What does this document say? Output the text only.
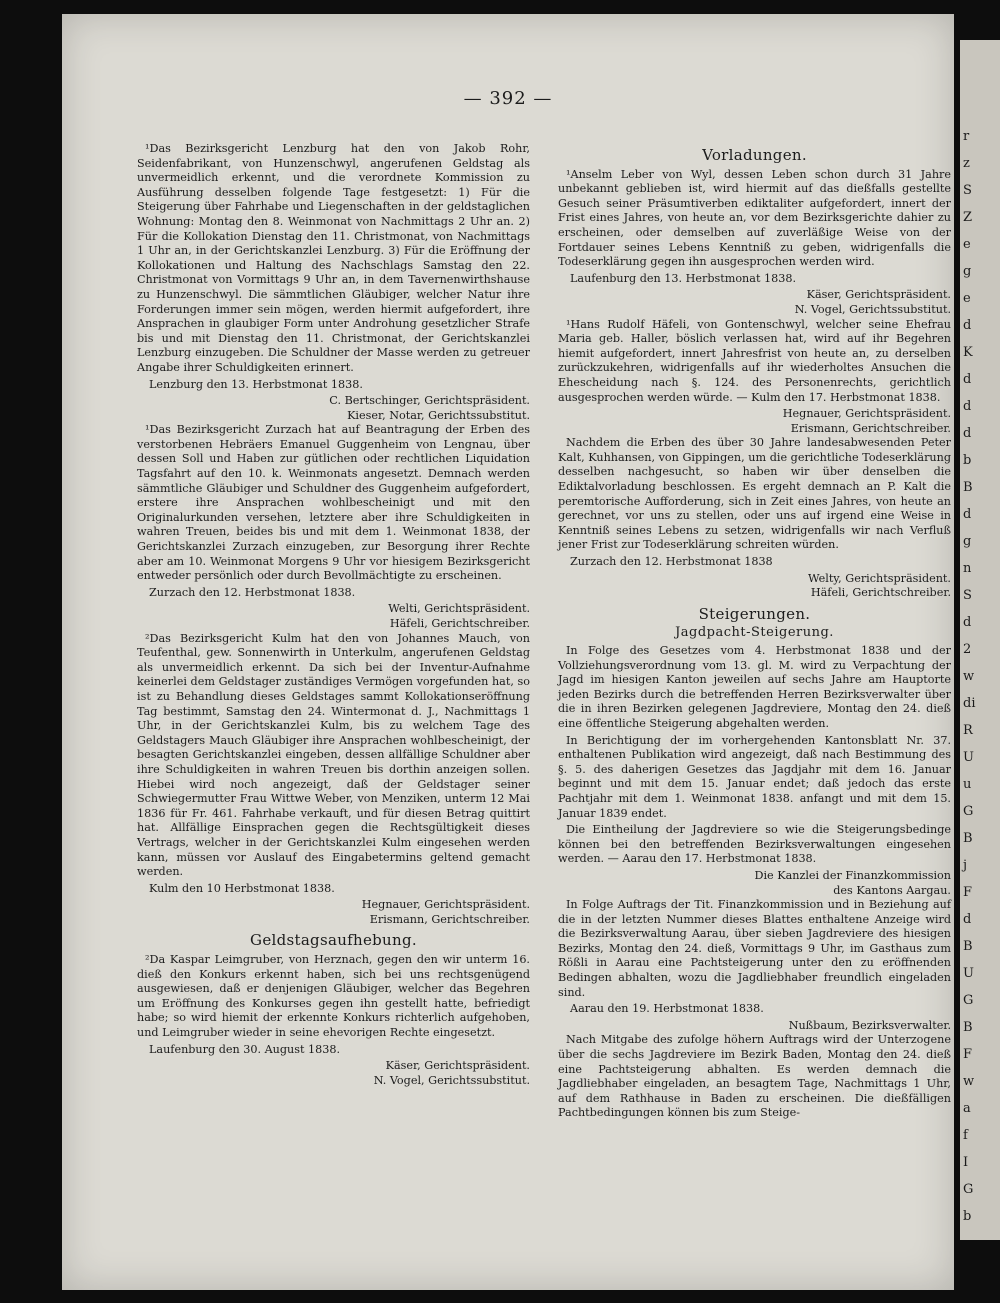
— 392 —

¹Das Bezirksgericht Lenzburg hat den von Jakob Rohr, Seidenfabrikant, von Hunzenschwyl, angerufenen Geldstag als unvermeidlich erkennt, und die verordnete Kommission zu Ausführung desselben folgende Tage festgesetzt: 1) Für die Steigerung über Fahrhabe und Liegenschaften in der geldstaglichen Wohnung: Montag den 8. Weinmonat von Nachmittags 2 Uhr an. 2) Für die Kollokation Dienstag den 11. Christmonat, von Nachmittags 1 Uhr an, in der Gerichtskanzlei Lenzburg. 3) Für die Eröffnung der Kollokationen und Haltung des Nachschlags Samstag den 22. Christmonat von Vormittags 9 Uhr an, in dem Tavernenwirthshause zu Hunzenschwyl. Die sämmtlichen Gläubiger, welcher Natur ihre Forderungen immer sein mögen, werden hiermit aufgefordert, ihre Ansprachen in glaubiger Form unter Androhung gesetzlicher Strafe bis und mit Dienstag den 11. Christmonat, der Gerichtskanzlei Lenzburg einzugeben. Die Schuldner der Masse werden zu getreuer Angabe ihrer Schuldigkeiten erinnert.

Lenzburg den 13. Herbstmonat 1838.

C. Bertschinger, Gerichtspräsident.

Kieser, Notar, Gerichtssubstitut.

¹Das Bezirksgericht Zurzach hat auf Beantragung der Erben des verstorbenen Hebräers Emanuel Guggenheim von Lengnau, über dessen Soll und Haben zur gütlichen oder rechtlichen Liquidation Tagsfahrt auf den 10. k. Weinmonats angesetzt. Demnach werden sämmtliche Gläubiger und Schuldner des Guggenheim aufgefordert, erstere ihre Ansprachen wohlbescheinigt und mit den Originalurkunden versehen, letztere aber ihre Schuldigkeiten in wahren Treuen, beides bis und mit dem 1. Weinmonat 1838, der Gerichtskanzlei Zurzach einzugeben, zur Besorgung ihrer Rechte aber am 10. Weinmonat Morgens 9 Uhr vor hiesigem Bezirksgericht entweder persönlich oder durch Bevollmächtigte zu erscheinen.

Zurzach den 12. Herbstmonat 1838.

Welti, Gerichtspräsident.

Häfeli, Gerichtschreiber.

²Das Bezirksgericht Kulm hat den von Johannes Mauch, von Teufenthal, gew. Sonnenwirth in Unterkulm, angerufenen Geldstag als unvermeidlich erkennt. Da sich bei der Inventur-Aufnahme keinerlei dem Geldstager zuständiges Vermögen vorgefunden hat, so ist zu Behandlung dieses Geldstages sammt Kollokationseröffnung Tag bestimmt, Samstag den 24. Wintermonat d. J., Nachmittags 1 Uhr, in der Gerichtskanzlei Kulm, bis zu welchem Tage des Geldstagers Mauch Gläubiger ihre Ansprachen wohlbescheinigt, der besagten Gerichtskanzlei eingeben, dessen allfällige Schuldner aber ihre Schuldigkeiten in wahren Treuen bis dorthin anzeigen sollen. Hiebei wird noch angezeigt, daß der Geldstager seiner Schwiegermutter Frau Wittwe Weber, von Menziken, unterm 12 Mai 1836 für Fr. 461. Fahrhabe verkauft, und für diesen Betrag quittirt hat. Allfällige Einsprachen gegen die Rechtsgültigkeit dieses Vertrags, welcher in der Gerichtskanzlei Kulm eingesehen werden kann, müssen vor Auslauf des Eingabetermins geltend gemacht werden.

Kulm den 10 Herbstmonat 1838.

Hegnauer, Gerichtspräsident.

Erismann, Gerichtschreiber.

Geldstagsaufhebung.

²Da Kaspar Leimgruber, von Herznach, gegen den wir unterm 16. dieß den Konkurs erkennt haben, sich bei uns rechtsgenügend ausgewiesen, daß er denjenigen Gläubiger, welcher das Begehren um Eröffnung des Konkurses gegen ihn gestellt hatte, befriedigt habe; so wird hiemit der erkennte Konkurs richterlich aufgehoben, und Leimgruber wieder in seine ehevorigen Rechte eingesetzt.

Laufenburg den 30. August 1838.

Käser, Gerichtspräsident.

N. Vogel, Gerichtssubstitut.

Vorladungen.

¹Anselm Leber von Wyl, dessen Leben schon durch 31 Jahre unbekannt geblieben ist, wird hiermit auf das dießfalls gestellte Gesuch seiner Präsumtiverben ediktaliter aufgefordert, innert der Frist eines Jahres, von heute an, vor dem Bezirksgerichte dahier zu erscheinen, oder demselben auf zuverläßige Weise von der Fortdauer seines Lebens Kenntniß zu geben, widrigenfalls die Todeserklärung gegen ihn ausgesprochen werden wird.

Laufenburg den 13. Herbstmonat 1838.

Käser, Gerichtspräsident.

N. Vogel, Gerichtssubstitut.

¹Hans Rudolf Häfeli, von Gontenschwyl, welcher seine Ehefrau Maria geb. Haller, böslich verlassen hat, wird auf ihr Begehren hiemit aufgefordert, innert Jahresfrist von heute an, zu derselben zurückzukehren, widrigenfalls auf ihr wiederholtes Ansuchen die Ehescheidung nach §. 124. des Personenrechts, gerichtlich ausgesprochen werden würde. — Kulm den 17. Herbstmonat 1838.

Hegnauer, Gerichtspräsident.

Erismann, Gerichtschreiber.

Nachdem die Erben des über 30 Jahre landesabwesenden Peter Kalt, Kuhhansen, von Gippingen, um die gerichtliche Todeserklärung desselben nachgesucht, so haben wir über denselben die Ediktalvorladung beschlossen. Es ergeht demnach an P. Kalt die peremtorische Aufforderung, sich in Zeit eines Jahres, von heute an gerechnet, vor uns zu stellen, oder uns auf irgend eine Weise in Kenntniß seines Lebens zu setzen, widrigenfalls wir nach Verfluß jener Frist zur Todeserklärung schreiten würden.

Zurzach den 12. Herbstmonat 1838

Welty, Gerichtspräsident.

Häfeli, Gerichtschreiber.

Steigerungen.
Jagdpacht-Steigerung.

In Folge des Gesetzes vom 4. Herbstmonat 1838 und der Vollziehungsverordnung vom 13. gl. M. wird zu Verpachtung der Jagd im hiesigen Kanton jeweilen auf sechs Jahre am Hauptorte jeden Bezirks durch die betreffenden Herren Bezirksverwalter über die in ihren Bezirken gelegenen Jagdreviere, Montag den 24. dieß eine öffentliche Steigerung abgehalten werden.

In Berichtigung der im vorhergehenden Kantonsblatt Nr. 37. enthaltenen Publikation wird angezeigt, daß nach Bestimmung des §. 5. des daherigen Gesetzes das Jagdjahr mit dem 16. Januar beginnt und mit dem 15. Januar endet; daß jedoch das erste Pachtjahr mit dem 1. Weinmonat 1838. anfangt und mit dem 15. Januar 1839 endet.

Die Eintheilung der Jagdreviere so wie die Steigerungsbedinge können bei den betreffenden Bezirksverwaltungen eingesehen werden. — Aarau den 17. Herbstmonat 1838.

Die Kanzlei der Finanzkommission

des Kantons Aargau.

In Folge Auftrags der Tit. Finanzkommission und in Beziehung auf die in der letzten Nummer dieses Blattes enthaltene Anzeige wird die Bezirksverwaltung Aarau, über sieben Jagdreviere des hiesigen Bezirks, Montag den 24. dieß, Vormittags 9 Uhr, im Gasthaus zum Rößli in Aarau eine Pachtsteigerung unter den zu eröffnenden Bedingen abhalten, wozu die Jagdliebhaber freundlich eingeladen sind.

Aarau den 19. Herbstmonat 1838.

Nußbaum, Bezirksverwalter.

Nach Mitgabe des zufolge höhern Auftrags wird der Unterzogene über die sechs Jagdreviere im Bezirk Baden, Montag den 24. dieß eine Pachtsteigerung abhalten. Es werden demnach die Jagdliebhaber eingeladen, an besagtem Tage, Nachmittags 1 Uhr, auf dem Rathhause in Baden zu erscheinen. Die dießfälligen Pachtbedingungen können bis zum Steige-

r
z
S
Z
e
g
e
d
K
d
d
d
b
B
d
g
n
S
d
2
w
di
R
U
u
G
B
j
F
d
B
U
G
B
F
w
a
f
I
G
b
